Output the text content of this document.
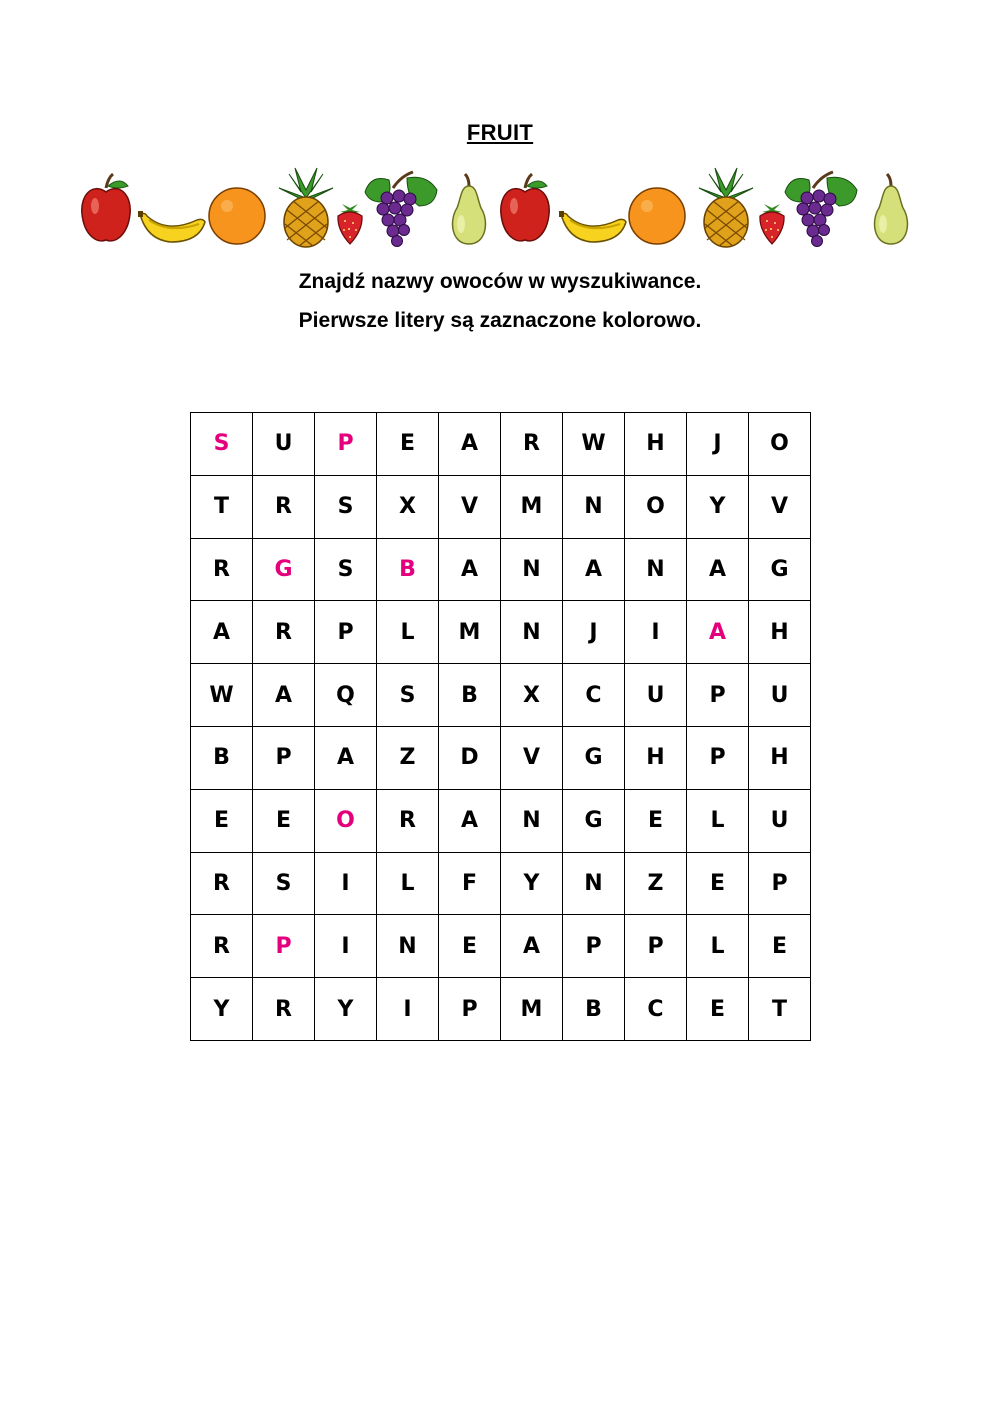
FRUIT
Znajdź nazwy owoców w wyszukiwance.
Pierwsze litery są zaznaczone kolorowo.
S	U	P	E	A	R	W	H	J	O
T	R	S	X	V	M	N	O	Y	V
R	G	S	B	A	N	A	N	A	G
A	R	P	L	M	N	J	I	A	H
W	A	Q	S	B	X	C	U	P	U
B	P	A	Z	D	V	G	H	P	H
E	E	O	R	A	N	G	E	L	U
R	S	I	L	F	Y	N	Z	E	P
R	P	I	N	E	A	P	P	L	E
Y	R	Y	I	P	M	B	C	E	T
